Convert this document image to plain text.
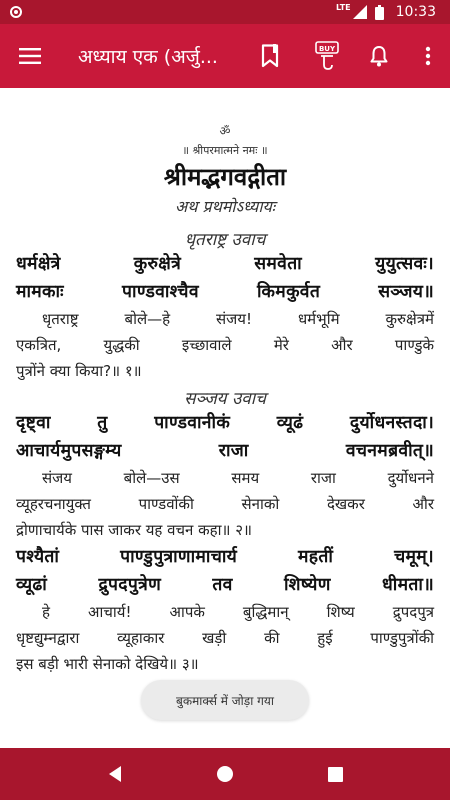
LTE	10:33
अध्याय एक (अर्जु...	BUY
ॐ
॥ श्रीपरमात्मने नमः ॥
श्रीमद्भगवद्गीता
अथ प्रथमोऽध्यायः
धृतराष्ट्र उवाच
धर्मक्षेत्रे कुरुक्षेत्रे समवेता युयुत्सवः।
मामकाः पाण्डवाश्चैव किमकुर्वत सञ्जय॥
धृतराष्ट्र बोले—हे संजय! धर्मभूमि कुरुक्षेत्रमें
एकत्रित, युद्धकी इच्छावाले मेरे और पाण्डुके
पुत्रोंने क्या किया?॥ १॥
सञ्जय उवाच
दृष्ट्वा तु पाण्डवानीकं व्यूढं दुर्योधनस्तदा।
आचार्यमुपसङ्गम्य राजा वचनमब्रवीत्॥
संजय बोले—उस समय राजा दुर्योधनने
व्यूहरचनायुक्त पाण्डवोंकी सेनाको देखकर और
द्रोणाचार्यके पास जाकर यह वचन कहा॥ २॥
पश्यैतां पाण्डुपुत्राणामाचार्य महतीं चमूम्।
व्यूढां द्रुपदपुत्रेण तव शिष्येण धीमता॥
हे आचार्य! आपके बुद्धिमान् शिष्य द्रुपदपुत्र
धृष्टद्युम्नद्वारा व्यूहाकार खड़ी की हुई पाण्डुपुत्रोंकी
इस बड़ी भारी सेनाको देखिये॥ ३॥
बुकमार्क्स में जोड़ा गया
